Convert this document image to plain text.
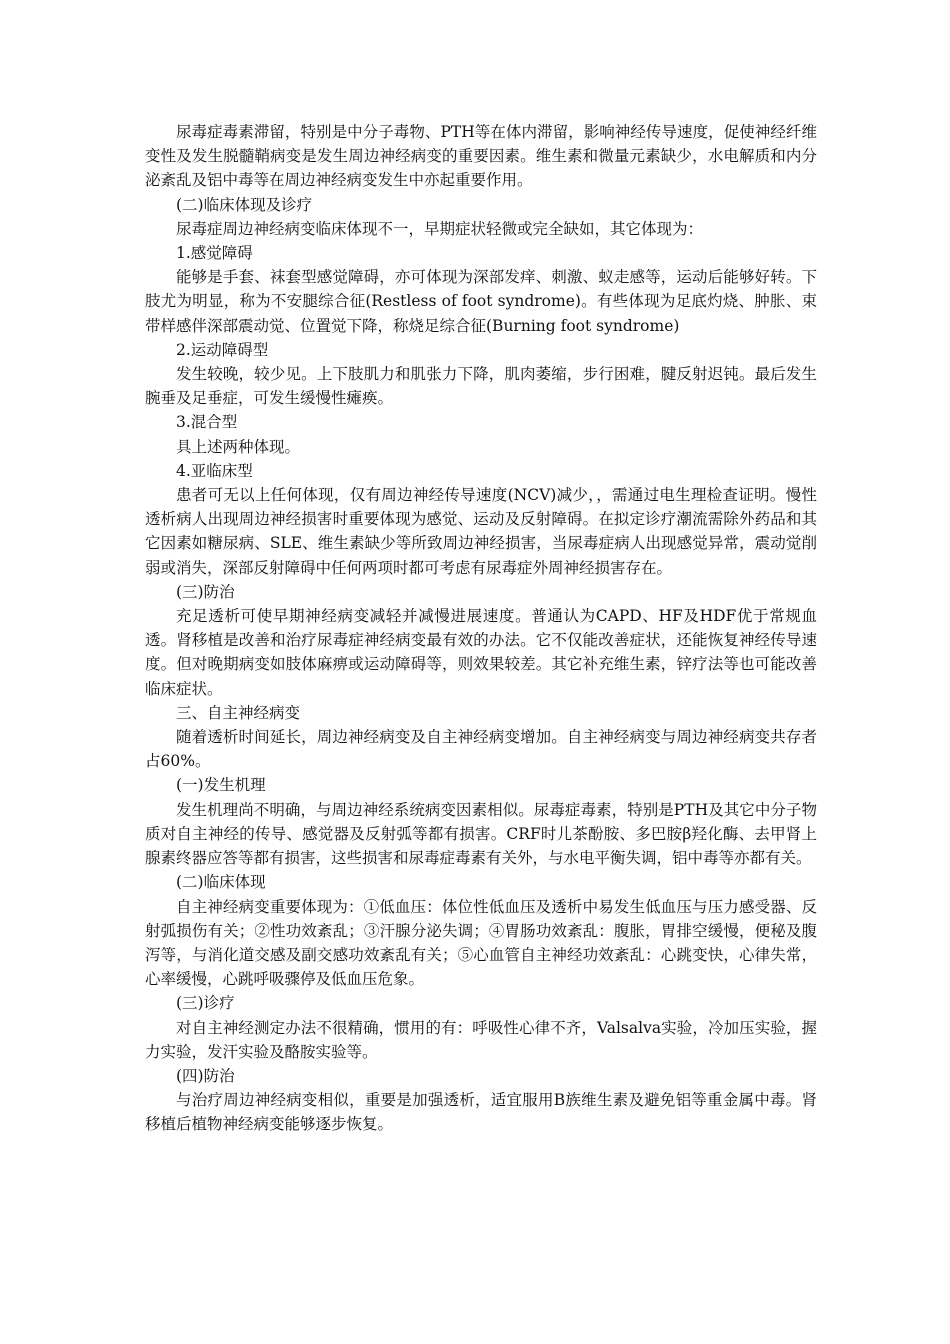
尿毒症毒素滞留，特别是中分子毒物、PTH等在体内滞留，影响神经传导速度，促使神经纤维变性及发生脱髓鞘病变是发生周边神经病变的重要因素。维生素和微量元素缺少，水电解质和内分泌紊乱及铝中毒等在周边神经病变发生中亦起重要作用。

(二)临床体现及诊疗

尿毒症周边神经病变临床体现不一，早期症状轻微或完全缺如，其它体现为：

1.感觉障碍

能够是手套、袜套型感觉障碍，亦可体现为深部发痒、刺激、蚁走感等，运动后能够好转。下肢尤为明显，称为不安腿综合征(Restless of foot syndrome)。有些体现为足底灼烧、肿胀、束带样感伴深部震动觉、位置觉下降，称烧足综合征(Burning foot syndrome)

2.运动障碍型

发生较晚，较少见。上下肢肌力和肌张力下降，肌肉萎缩，步行困难，腱反射迟钝。最后发生腕垂及足垂症，可发生缓慢性瘫痪。

3.混合型

具上述两种体现。

4.亚临床型

患者可无以上任何体现，仅有周边神经传导速度(NCV)减少，，需通过电生理检查证明。慢性透析病人出现周边神经损害时重要体现为感觉、运动及反射障碍。在拟定诊疗潮流需除外药品和其它因素如糖尿病、SLE、维生素缺少等所致周边神经损害，当尿毒症病人出现感觉异常，震动觉削弱或消失，深部反射障碍中任何两项时都可考虑有尿毒症外周神经损害存在。

(三)防治

充足透析可使早期神经病变减轻并减慢进展速度。普通认为CAPD、HF及HDF优于常规血透。肾移植是改善和治疗尿毒症神经病变最有效的办法。它不仅能改善症状，还能恢复神经传导速度。但对晚期病变如肢体麻痹或运动障碍等，则效果较差。其它补充维生素，锌疗法等也可能改善临床症状。

三、自主神经病变

随着透析时间延长，周边神经病变及自主神经病变增加。自主神经病变与周边神经病变共存者占60%。

(一)发生机理

发生机理尚不明确，与周边神经系统病变因素相似。尿毒症毒素，特别是PTH及其它中分子物质对自主神经的传导、感觉器及反射弧等都有损害。CRF时儿茶酚胺、多巴胺β羟化酶、去甲肾上腺素终器应答等都有损害，这些损害和尿毒症毒素有关外，与水电平衡失调，铝中毒等亦都有关。

(二)临床体现

自主神经病变重要体现为：①低血压：体位性低血压及透析中易发生低血压与压力感受器、反射弧损伤有关；②性功效紊乱；③汗腺分泌失调；④胃肠功效紊乱：腹胀，胃排空缓慢，便秘及腹泻等，与消化道交感及副交感功效紊乱有关；⑤心血管自主神经功效紊乱：心跳变快，心律失常，心率缓慢，心跳呼吸骤停及低血压危象。

(三)诊疗

对自主神经测定办法不很精确，惯用的有：呼吸性心律不齐，Valsalva实验，冷加压实验，握力实验，发汗实验及酪胺实验等。

(四)防治

与治疗周边神经病变相似，重要是加强透析，适宜服用B族维生素及避免铝等重金属中毒。肾移植后植物神经病变能够逐步恢复。
